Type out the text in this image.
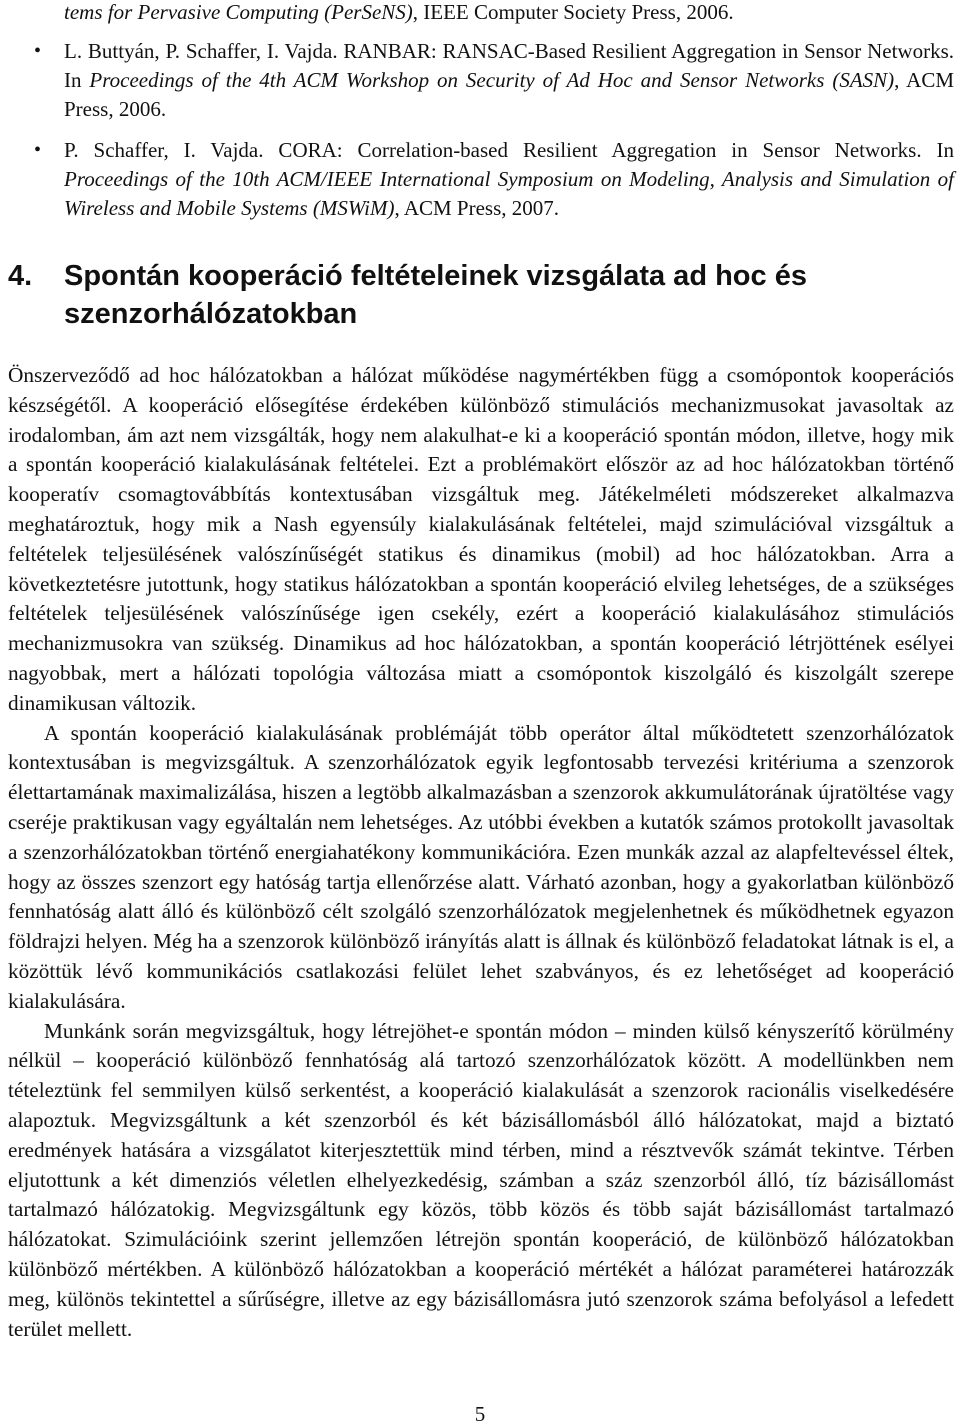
tems for Pervasive Computing (PerSeNS), IEEE Computer Society Press, 2006.
• L. Buttyán, P. Schaffer, I. Vajda. RANBAR: RANSAC-Based Resilient Aggregation in Sensor Networks. In Proceedings of the 4th ACM Workshop on Security of Ad Hoc and Sensor Networks (SASN), ACM Press, 2006.
• P. Schaffer, I. Vajda. CORA: Correlation-based Resilient Aggregation in Sensor Networks. In Proceedings of the 10th ACM/IEEE International Symposium on Modeling, Analysis and Simulation of Wireless and Mobile Systems (MSWiM), ACM Press, 2007.
4.	Spontán kooperáció feltételeinek vizsgálata ad hoc és szenzorhálózatokban

Önszerveződő ad hoc hálózatokban a hálózat működése nagymértékben függ a csomópontok kooperációs készségétől. A kooperáció elősegítése érdekében különböző stimulációs mechanizmusokat javasoltak az irodalomban, ám azt nem vizsgálták, hogy nem alakulhat-e ki a kooperáció spontán módon, illetve, hogy mik a spontán kooperáció kialakulásának feltételei. Ezt a problémakört először az ad hoc hálózatokban történő kooperatív csomagtovábbítás kontextusában vizsgáltuk meg. Játékelméleti módszereket alkalmazva meghatároztuk, hogy mik a Nash egyensúly kialakulásának feltételei, majd szimulációval vizsgáltuk a feltételek teljesülésének valószínűségét statikus és dinamikus (mobil) ad hoc hálózatokban. Arra a következtetésre jutottunk, hogy statikus hálózatokban a spontán kooperáció elvileg lehetséges, de a szükséges feltételek teljesülésének valószínűsége igen csekély, ezért a kooperáció kialakulásához stimulációs mechanizmusokra van szükség. Dinamikus ad hoc hálózatokban, a spontán kooperáció létrjöttének esélyei nagyobbak, mert a hálózati topológia változása miatt a csomópontok kiszolgáló és kiszolgált szerepe dinamikusan változik.

A spontán kooperáció kialakulásának problémáját több operátor által működtetett szenzorhálózatok kontextusában is megvizsgáltuk. A szenzorhálózatok egyik legfontosabb tervezési kritériuma a szenzorok élettartamának maximalizálása, hiszen a legtöbb alkalmazásban a szenzorok akkumulátorának újratöltése vagy cseréje praktikusan vagy egyáltalán nem lehetséges. Az utóbbi években a kutatók számos protokollt javasoltak a szenzorhálózatokban történő energiahatékony kommunikációra. Ezen munkák azzal az alapfeltevéssel éltek, hogy az összes szenzort egy hatóság tartja ellenőrzése alatt. Várható azonban, hogy a gyakorlatban különböző fennhatóság alatt álló és különböző célt szolgáló szenzorhálózatok megjelenhetnek és működhetnek egyazon földrajzi helyen. Még ha a szenzorok különböző irányítás alatt is állnak és különböző feladatokat látnak is el, a közöttük lévő kommunikációs csatlakozási felület lehet szabványos, és ez lehetőséget ad kooperáció kialakulására.

Munkánk során megvizsgáltuk, hogy létrejöhet-e spontán módon – minden külső kényszerítő körülmény nélkül – kooperáció különböző fennhatóság alá tartozó szenzorhálózatok között. A modellünkben nem tételeztünk fel semmilyen külső serkentést, a kooperáció kialakulását a szenzorok racionális viselkedésére alapoztuk. Megvizsgáltunk a két szenzorból és két bázisállomásból álló hálózatokat, majd a biztató eredmények hatására a vizsgálatot kiterjesztettük mind térben, mind a résztvevők számát tekintve. Térben eljutottunk a két dimenziós véletlen elhelyezkedésig, számban a száz szenzorból álló, tíz bázisállomást tartalmazó hálózatokig. Megvizsgáltunk egy közös, több közös és több saját bázisállomást tartalmazó hálózatokat. Szimulációink szerint jellemzően létrejön spontán kooperáció, de különböző hálózatokban különböző mértékben. A különböző hálózatokban a kooperáció mértékét a hálózat paraméterei határozzák meg, különös tekintettel a sűrűségre, illetve az egy bázisállomásra jutó szenzorok száma befolyásol a lefedett terület mellett.

5
